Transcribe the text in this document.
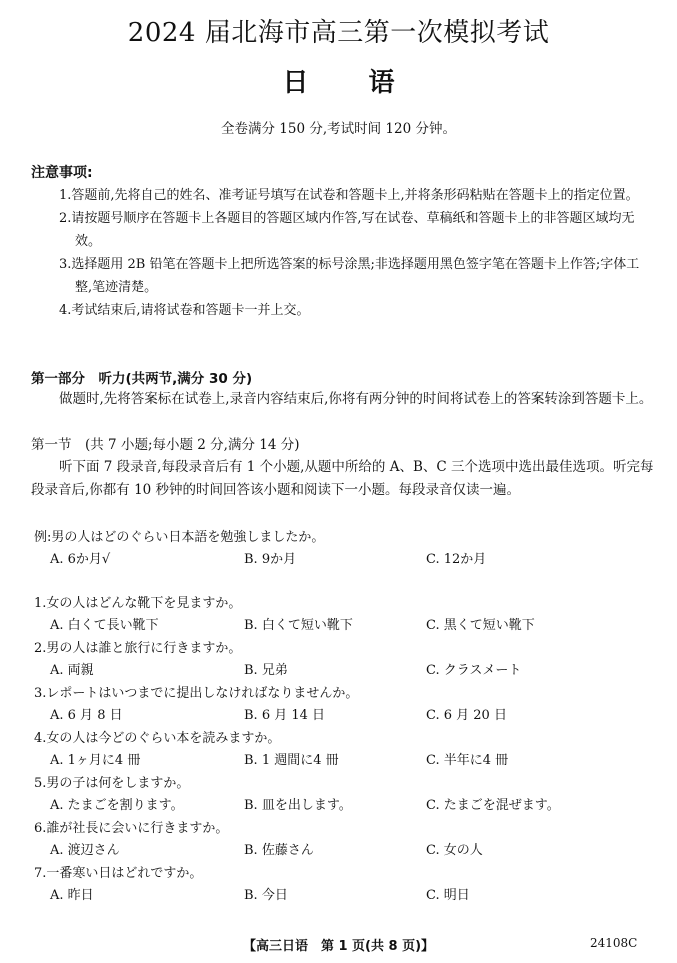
2024 届北海市高三第一次模拟考试
日 语
全卷满分 150 分,考试时间 120 分钟。
注意事项:

1.答题前,先将自己的姓名、准考证号填写在试卷和答题卡上,并将条形码粘贴在答题卡上的指定位置。

2.请按题号顺序在答题卡上各题目的答题区域内作答,写在试卷、草稿纸和答题卡上的非答题区域均无效。

3.选择题用 2B 铅笔在答题卡上把所选答案的标号涂黑;非选择题用黑色签字笔在答题卡上作答;字体工整,笔迹清楚。

4.考试结束后,请将试卷和答题卡一并上交。

第一部分　听力(共两节,满分 30 分)
做题时,先将答案标在试卷上,录音内容结束后,你将有两分钟的时间将试卷上的答案转涂到答题卡上。
第一节　(共 7 小题;每小题 2 分,满分 14 分)
听下面 7 段录音,每段录音后有 1 个小题,从题中所给的 A、B、C 三个选项中选出最佳选项。听完每段录音后,你都有 10 秒钟的时间回答该小题和阅读下一小题。每段录音仅读一遍。
例:男の人はどのぐらい日本語を勉強しましたか。
A. 6か月√	B. 9か月	C. 12か月
1.女の人はどんな靴下を見ますか。
A. 白くて長い靴下	B. 白くて短い靴下	C. 黒くて短い靴下
2.男の人は誰と旅行に行きますか。
A. 両親	B. 兄弟	C. クラスメート
3.レポートはいつまでに提出しなければなりませんか。
A. 6 月 8 日	B. 6 月 14 日	C. 6 月 20 日
4.女の人は今どのぐらい本を読みますか。
A. 1ヶ月に4 冊	B. 1 週間に4 冊	C. 半年に4 冊
5.男の子は何をしますか。
A. たまごを割ります。	B. 皿を出します。	C. たまごを混ぜます。
6.誰が社長に会いに行きますか。
A. 渡辺さん	B. 佐藤さん	C. 女の人
7.一番寒い日はどれですか。
A. 昨日	B. 今日	C. 明日
【高三日语　第 1 页(共 8 页)】	24108C
